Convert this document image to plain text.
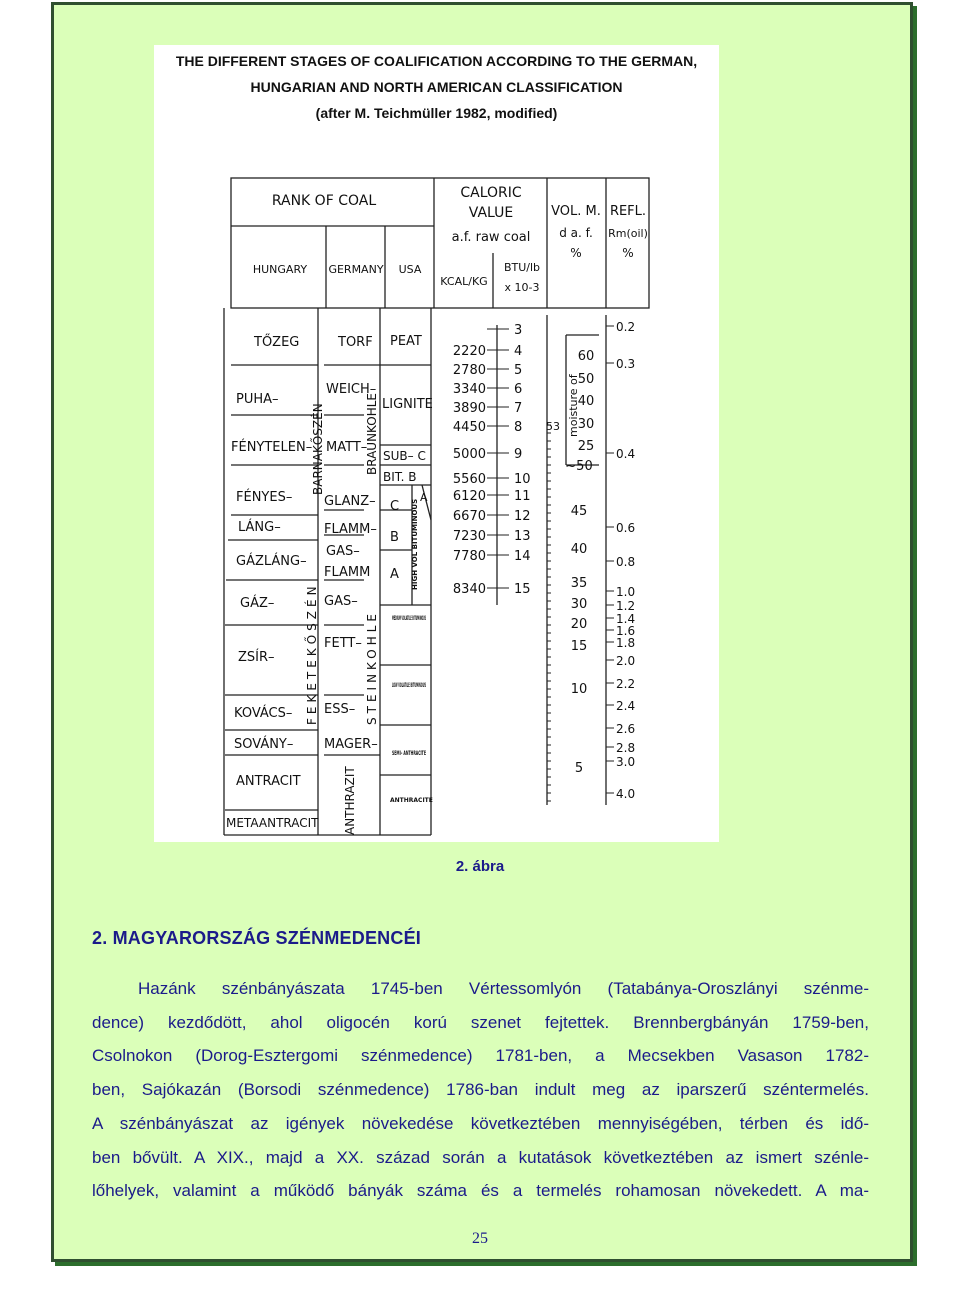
THE DIFFERENT STAGES OF COALIFICATION ACCORDING TO THE GERMAN,
HUNGARIAN AND NORTH AMERICAN CLASSIFICATION
(after M. Teichmüller 1982, modified)
RANK OF COAL	CALORIC
VALUE
a.f. raw coal
VOL. M.
d a. f.
%
REFL.
Rm(oil)
%
HUNGARY GERMANY USA
KCAL/KG
BTU/lb
x 10-3
TŐZEG
PUHA–
FÉNYTELEN–
FÉNYES–
LÁNG–
GÁZLÁNG–
GÁZ–
ZSÍR–
KOVÁCS–
SOVÁNY–
ANTRACIT
METAANTRACIT
BARNAKŐSZÉN
FEKETEKŐSZÉN
TORF
WEICH–
MATT–
GLANZ–
FLAMM–
GAS–
FLAMM
GAS–
FETT–
ESS–
MAGER–
BRAUNKOHLE
STEINKOHLE
ANTHRAZIT
PEAT
LIGNITE
SUB– C
BIT. B
A
C
B
A HIGH VOL BITUMINOUS
MEDIUM VOLATILE BITUMINOUS
LOW VOLATILE BITUMINOUS
SEMI– ANTHRACITE
ANTHRACITE
2220
2780
3340
3890
4450
5000
5560
6120
6670
7230
7780
8340
3
4
5
6
7
8
9
10
11
12
13
14
15
60
50
40
30
25
~50
45
40
35
30
20
15
10
5
0.2
0.3
0.4
0.6
0.8
1.0
1.2
1.4
1.6
1.8
2.0
2.2
2.4
2.6
2.8
3.0
4.0
moisture of
53
2. ábra
2. MAGYARORSZÁG SZÉNMEDENCÉI
Hazánk szénbányászata 1745-ben Vértessomlyón (Tatabánya-Oroszlányi szénme-
dence) kezdődött, ahol oligocén korú szenet fejtettek. Brennbergbányán 1759-ben,
Csolnokon (Dorog-Esztergomi szénmedence) 1781-ben, a Mecsekben Vasason 1782-
ben, Sajókazán (Borsodi szénmedence) 1786-ban indult meg az iparszerű széntermelés.
A szénbányászat az igények növekedése következtében mennyiségében, térben és idő-
ben bővült. A XIX., majd a XX. század során a kutatások következtében az ismert szénle-
lőhelyek, valamint a működő bányák száma és a termelés rohamosan növekedett. A ma-
25
